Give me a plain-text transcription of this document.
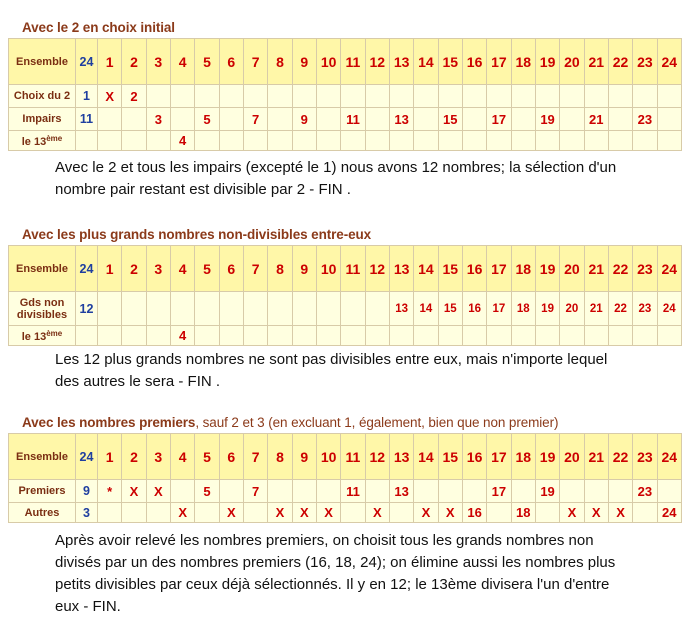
Avec le 2 en choix initial
Ensemble	24	1	2	3	4	5	6	7	8	9	10	11	12	13	14	15	16	17	18	19	20	21	22	23	24
Choix du 2	1	X	2																						
Impairs	11			3		5		7		9		11		13		15		17		19		21		23	
le 13ème					4																				
Avec le 2 et tous les impairs (excepté le 1) nous avons 12 nombres; la sélection d'un
nombre pair restant est divisible par 2 - FIN .
Avec les plus grands nombres non-divisibles entre-eux
Ensemble	24	1	2	3	4	5	6	7	8	9	10	11	12	13	14	15	16	17	18	19	20	21	22	23	24
Gds non divisibles	12													13	14	15	16	17	18	19	20	21	22	23	24
le 13ème					4																				
Les 12 plus grands nombres ne sont pas divisibles entre eux, mais n'importe lequel
des autres le sera - FIN .
Avec les nombres premiers, sauf 2 et 3 (en excluant 1, également, bien que non premier)
Ensemble	24	1	2	3	4	5	6	7	8	9	10	11	12	13	14	15	16	17	18	19	20	21	22	23	24
Premiers	9	*	X	X		5		7				11		13				17		19				23	
Autres	3				X		X		X	X	X		X		X	X	16		18		X	X	X		24
Après avoir relevé les nombres premiers, on choisit tous les grands nombres non
divisés par un des nombres premiers (16, 18, 24); on élimine aussi les nombres plus
petits divisibles par ceux déjà sélectionnés. Il y en 12; le 13ème divisera l'un d'entre
eux - FIN.
